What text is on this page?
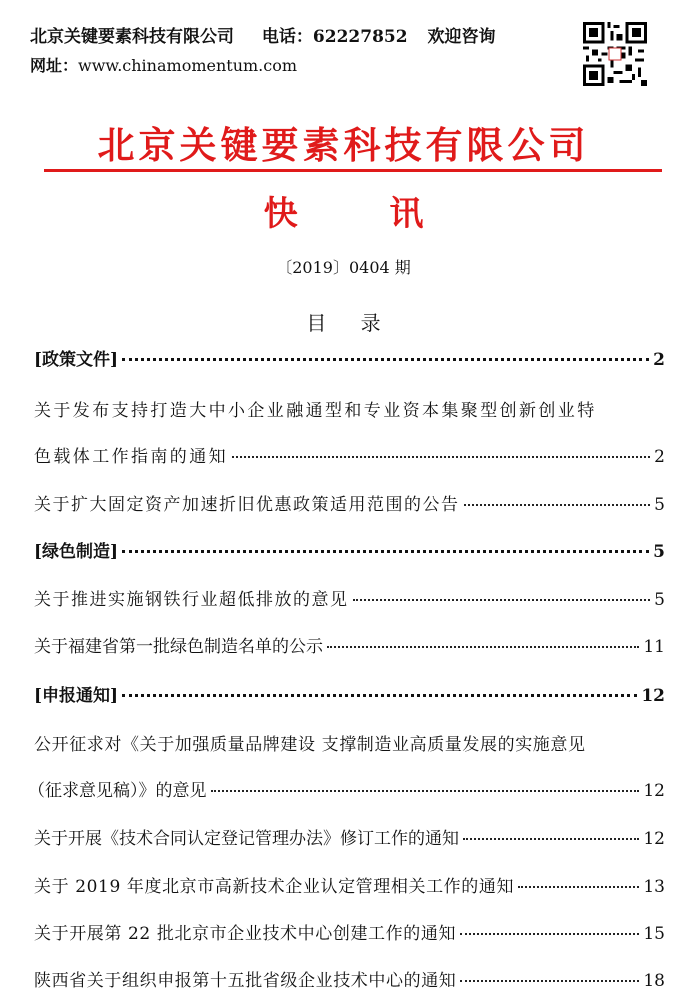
北京关键要素科技有限公司 电话：62227852 欢迎咨询
网址：www.chinamomentum.com
北京关键要素科技有限公司
快 讯
〔2019〕0404 期
目 录
[政策文件]	2
关于发布支持打造大中小企业融通型和专业资本集聚型创新创业特
色载体工作指南的通知	2
关于扩大固定资产加速折旧优惠政策适用范围的公告	5
[绿色制造]	5
关于推进实施钢铁行业超低排放的意见	5
关于福建省第一批绿色制造名单的公示	11
[申报通知]	12
公开征求对《关于加强质量品牌建设 支撑制造业高质量发展的实施意见
（征求意见稿）》的意见	12
关于开展《技术合同认定登记管理办法》修订工作的通知	12
关于 2019 年度北京市高新技术企业认定管理相关工作的通知	13
关于开展第 22 批北京市企业技术中心创建工作的通知	15
陕西省关于组织申报第十五批省级企业技术中心的通知	18
